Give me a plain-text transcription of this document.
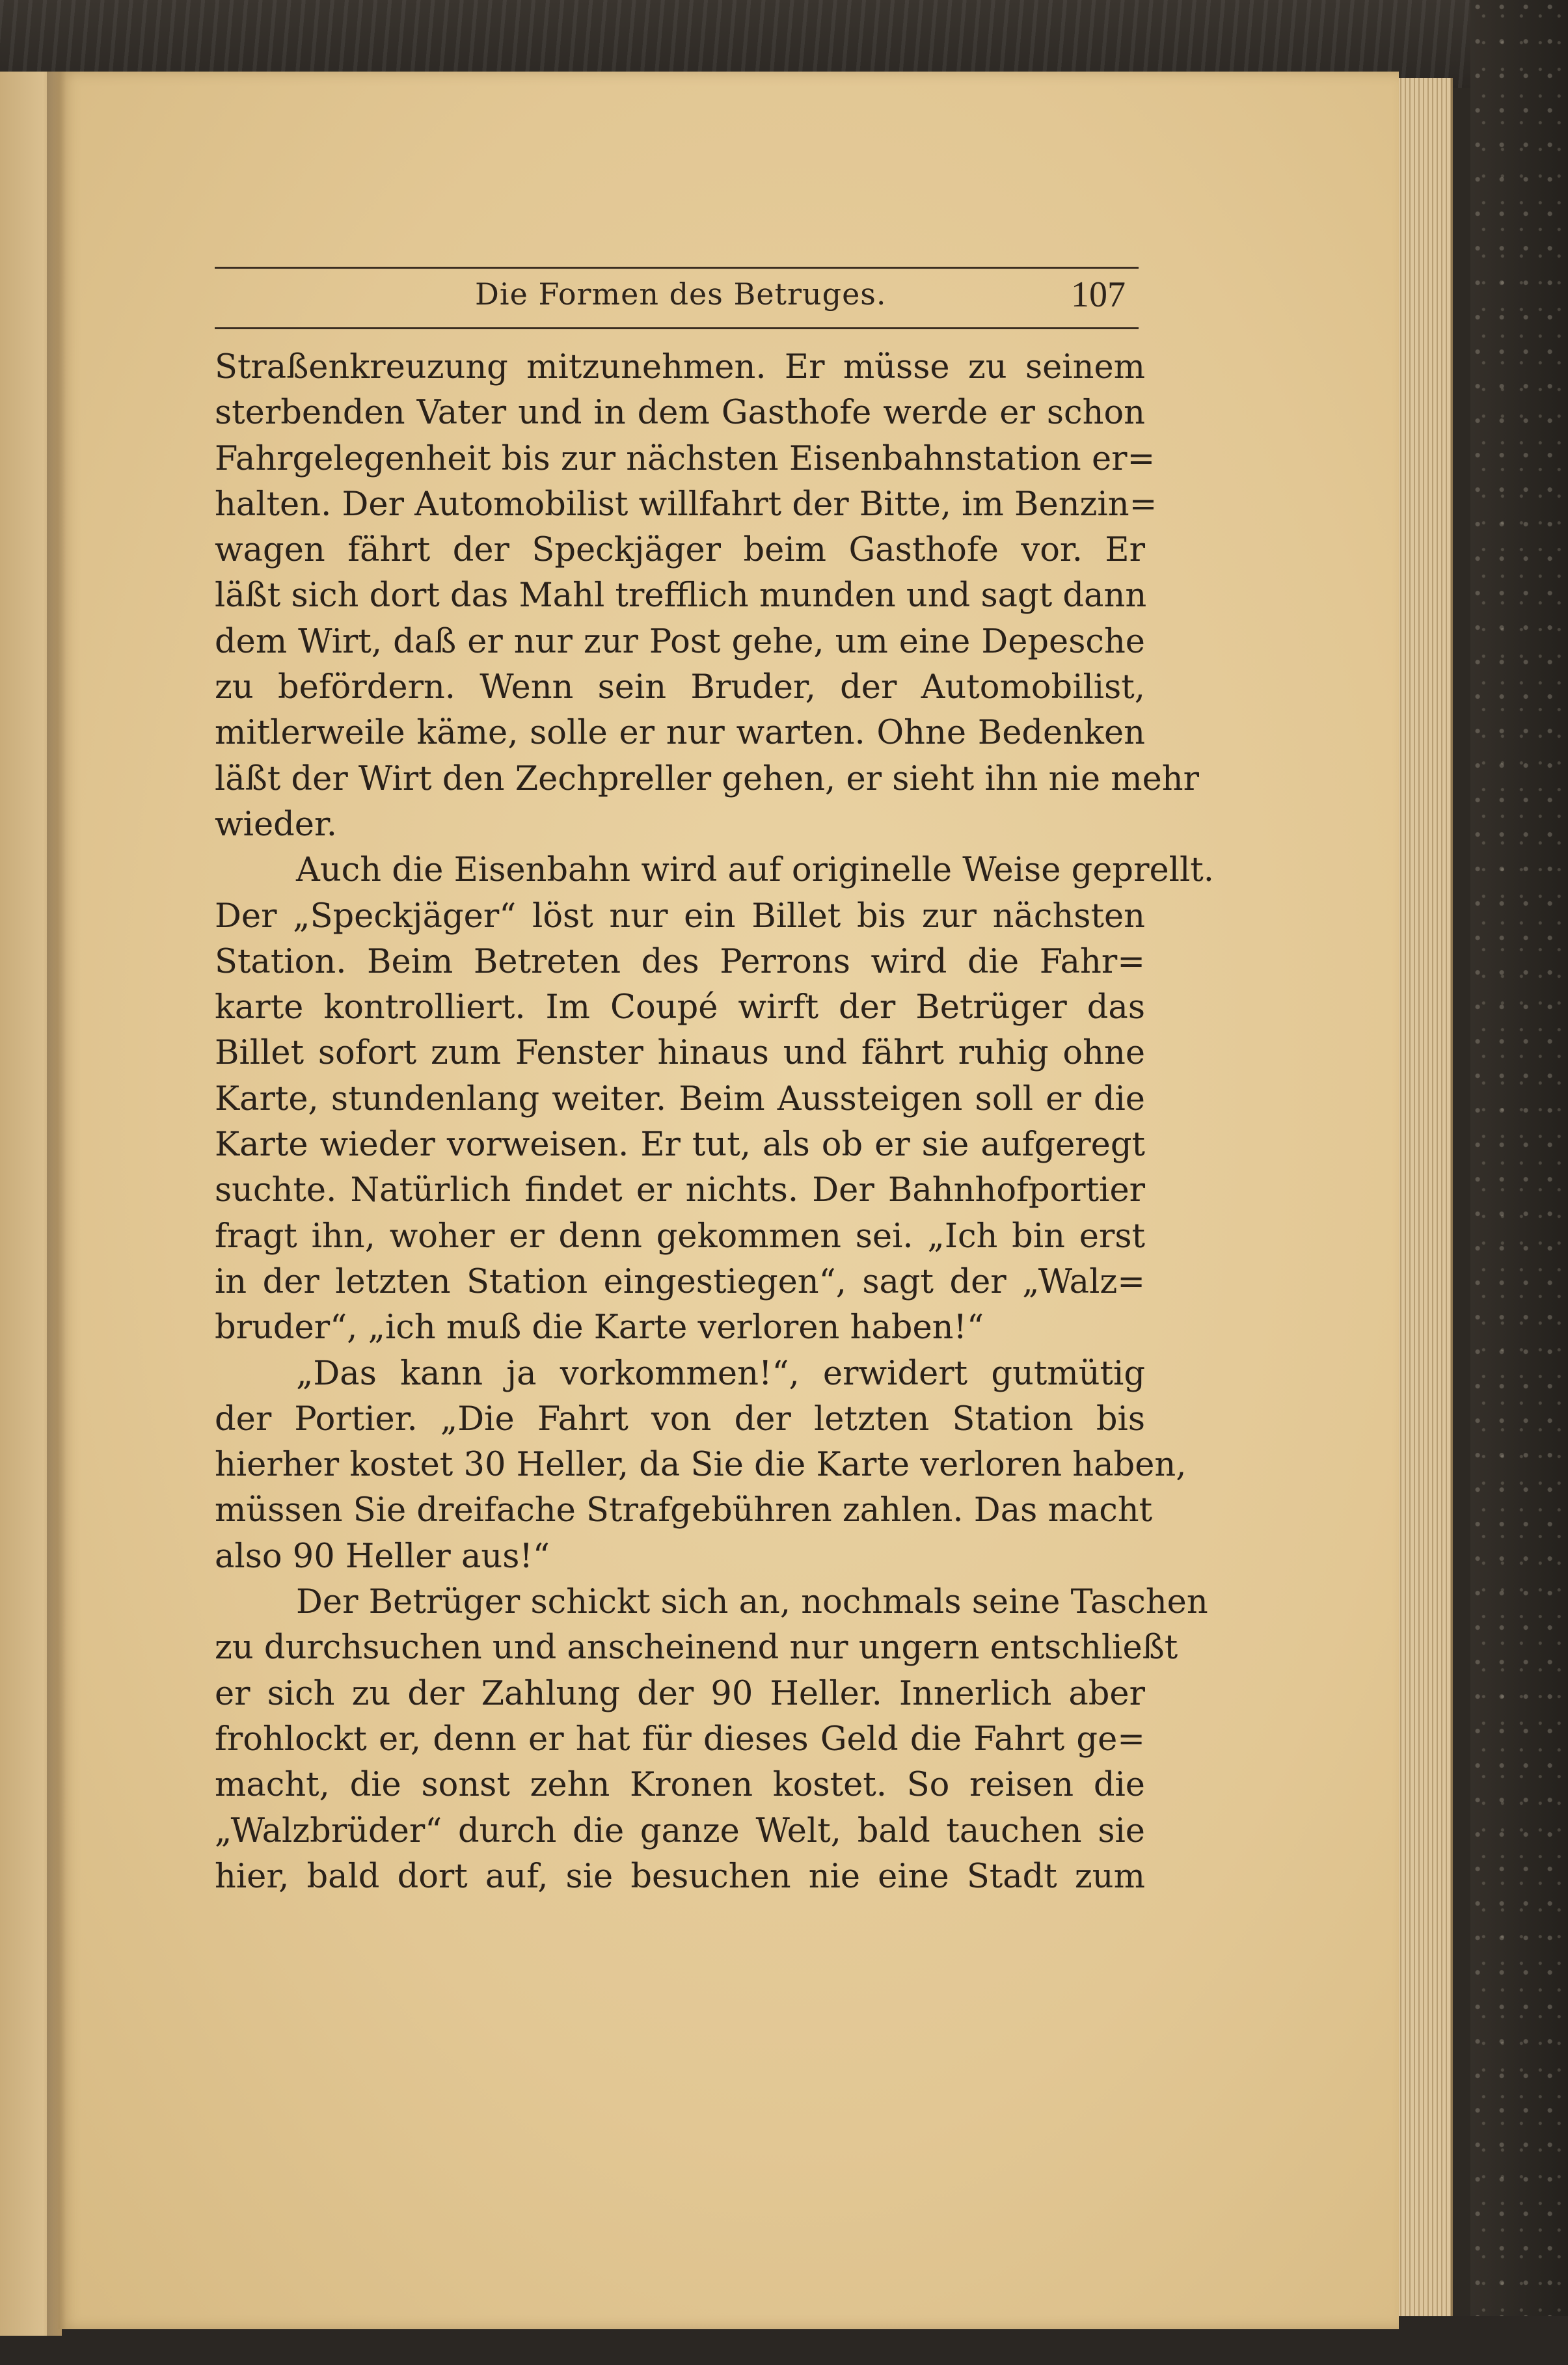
Die Formen des Betruges.	107
Straßenkreuzung mitzunehmen. Er müsse zu seinem
sterbenden Vater und in dem Gasthofe werde er schon
Fahrgelegenheit bis zur nächsten Eisenbahnstation er=
halten. Der Automobilist willfahrt der Bitte, im Benzin=
wagen fährt der Speckjäger beim Gasthofe vor. Er
läßt sich dort das Mahl trefflich munden und sagt dann
dem Wirt, daß er nur zur Post gehe, um eine Depesche
zu befördern. Wenn sein Bruder, der Automobilist,
mitlerweile käme, solle er nur warten. Ohne Bedenken
läßt der Wirt den Zechpreller gehen, er sieht ihn nie mehr
wieder.
Auch die Eisenbahn wird auf originelle Weise geprellt.
Der „Speckjäger“ löst nur ein Billet bis zur nächsten
Station. Beim Betreten des Perrons wird die Fahr=
karte kontrolliert. Im Coupé wirft der Betrüger das
Billet sofort zum Fenster hinaus und fährt ruhig ohne
Karte, stundenlang weiter. Beim Aussteigen soll er die
Karte wieder vorweisen. Er tut, als ob er sie aufgeregt
suchte. Natürlich findet er nichts. Der Bahnhofportier
fragt ihn, woher er denn gekommen sei. „Ich bin erst
in der letzten Station eingestiegen“, sagt der „Walz=
bruder“, „ich muß die Karte verloren haben!“
„Das kann ja vorkommen!“, erwidert gutmütig
der Portier. „Die Fahrt von der letzten Station bis
hierher kostet 30 Heller, da Sie die Karte verloren haben,
müssen Sie dreifache Strafgebühren zahlen. Das macht
also 90 Heller aus!“
Der Betrüger schickt sich an, nochmals seine Taschen
zu durchsuchen und anscheinend nur ungern entschließt
er sich zu der Zahlung der 90 Heller. Innerlich aber
frohlockt er, denn er hat für dieses Geld die Fahrt ge=
macht, die sonst zehn Kronen kostet. So reisen die
„Walzbrüder“ durch die ganze Welt, bald tauchen sie
hier, bald dort auf, sie besuchen nie eine Stadt zum
